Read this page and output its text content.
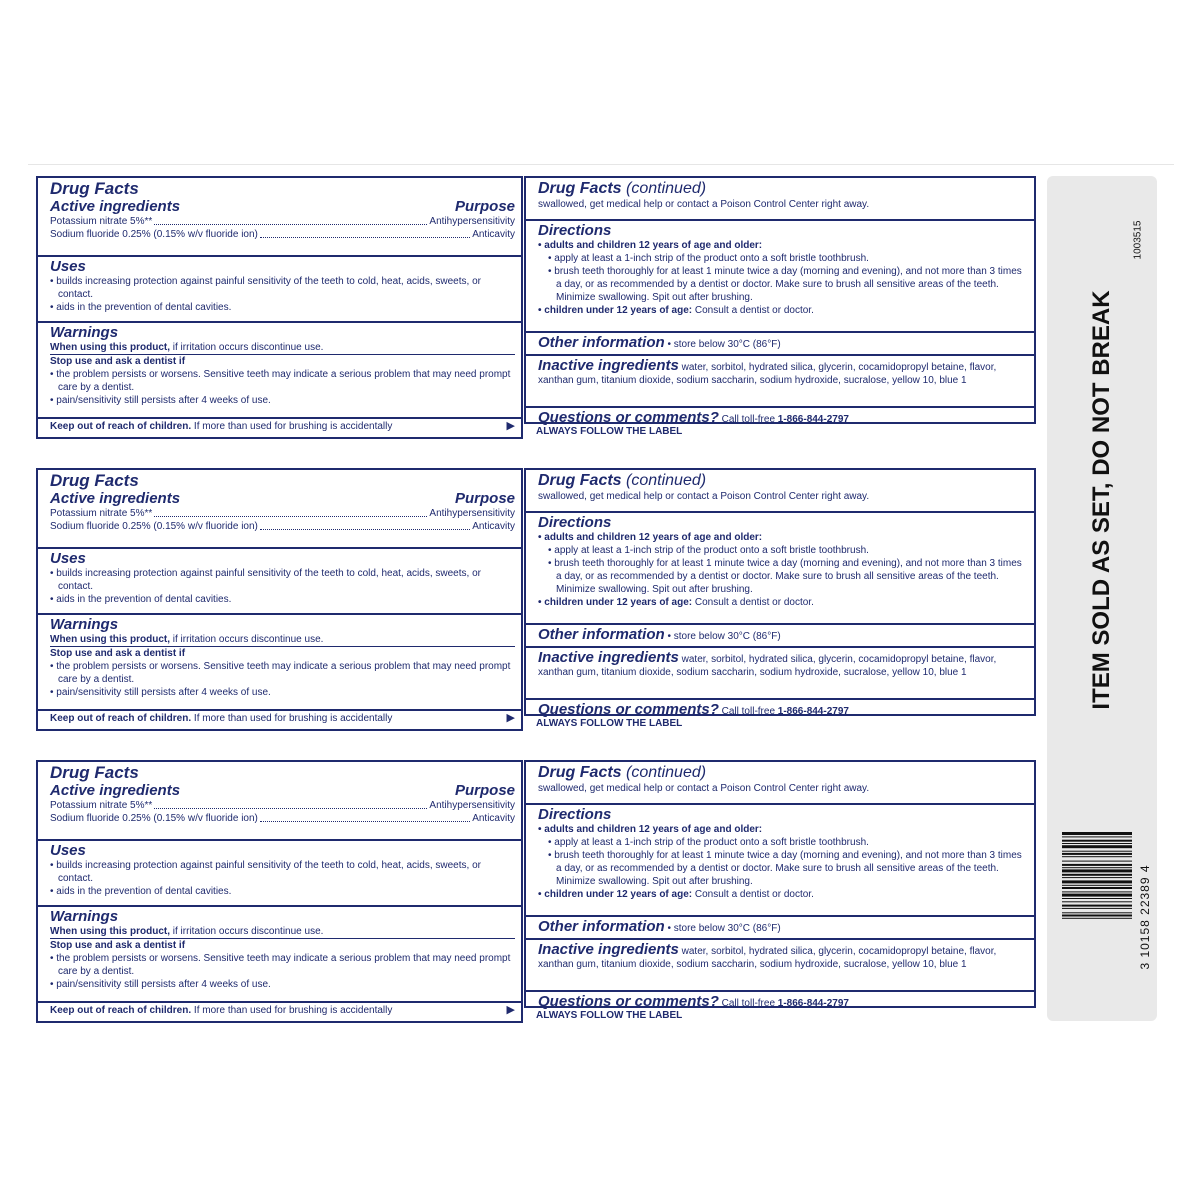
Drug Facts
Active ingredients	Purpose
Potassium nitrate 5%**	Antihypersensitivity
Sodium fluoride 0.25% (0.15% w/v fluoride ion)	Anticavity
Uses
• builds increasing protection against painful sensitivity of the teeth to cold, heat, acids, sweets, or contact.
• aids in the prevention of dental cavities.
Warnings
When using this product, if irritation occurs discontinue use.
Stop use and ask a dentist if
• the problem persists or worsens. Sensitive teeth may indicate a serious problem that may need prompt care by a dentist.
• pain/sensitivity still persists after 4 weeks of use.
Keep out of reach of children. If more than used for brushing is accidentally	▶
Drug Facts (continued)
swallowed, get medical help or contact a Poison Control Center right away.
Directions
• adults and children 12 years of age and older:
• apply at least a 1-inch strip of the product onto a soft bristle toothbrush.
• brush teeth thoroughly for at least 1 minute twice a day (morning and evening), and not more than 3 times a day, or as recommended by a dentist or doctor. Make sure to brush all sensitive areas of the teeth. Minimize swallowing. Spit out after brushing.
• children under 12 years of age: Consult a dentist or doctor.
Other information • store below 30°C (86°F)
Inactive ingredients water, sorbitol, hydrated silica, glycerin, cocamidopropyl betaine, flavor, xanthan gum, titanium dioxide, sodium saccharin, sodium hydroxide, sucralose, yellow 10, blue 1
Questions or comments? Call toll-free 1-866-844-2797
ALWAYS FOLLOW THE LABEL
Drug Facts
Active ingredients	Purpose
Potassium nitrate 5%**	Antihypersensitivity
Sodium fluoride 0.25% (0.15% w/v fluoride ion)	Anticavity
Uses
• builds increasing protection against painful sensitivity of the teeth to cold, heat, acids, sweets, or contact.
• aids in the prevention of dental cavities.
Warnings
When using this product, if irritation occurs discontinue use.
Stop use and ask a dentist if
• the problem persists or worsens. Sensitive teeth may indicate a serious problem that may need prompt care by a dentist.
• pain/sensitivity still persists after 4 weeks of use.
Keep out of reach of children. If more than used for brushing is accidentally	▶
Drug Facts (continued)
swallowed, get medical help or contact a Poison Control Center right away.
Directions
• adults and children 12 years of age and older:
• apply at least a 1-inch strip of the product onto a soft bristle toothbrush.
• brush teeth thoroughly for at least 1 minute twice a day (morning and evening), and not more than 3 times a day, or as recommended by a dentist or doctor. Make sure to brush all sensitive areas of the teeth. Minimize swallowing. Spit out after brushing.
• children under 12 years of age: Consult a dentist or doctor.
Other information • store below 30°C (86°F)
Inactive ingredients water, sorbitol, hydrated silica, glycerin, cocamidopropyl betaine, flavor, xanthan gum, titanium dioxide, sodium saccharin, sodium hydroxide, sucralose, yellow 10, blue 1
Questions or comments? Call toll-free 1-866-844-2797
ALWAYS FOLLOW THE LABEL
Drug Facts
Active ingredients	Purpose
Potassium nitrate 5%**	Antihypersensitivity
Sodium fluoride 0.25% (0.15% w/v fluoride ion)	Anticavity
Uses
• builds increasing protection against painful sensitivity of the teeth to cold, heat, acids, sweets, or contact.
• aids in the prevention of dental cavities.
Warnings
When using this product, if irritation occurs discontinue use.
Stop use and ask a dentist if
• the problem persists or worsens. Sensitive teeth may indicate a serious problem that may need prompt care by a dentist.
• pain/sensitivity still persists after 4 weeks of use.
Keep out of reach of children. If more than used for brushing is accidentally	▶
Drug Facts (continued)
swallowed, get medical help or contact a Poison Control Center right away.
Directions
• adults and children 12 years of age and older:
• apply at least a 1-inch strip of the product onto a soft bristle toothbrush.
• brush teeth thoroughly for at least 1 minute twice a day (morning and evening), and not more than 3 times a day, or as recommended by a dentist or doctor. Make sure to brush all sensitive areas of the teeth. Minimize swallowing. Spit out after brushing.
• children under 12 years of age: Consult a dentist or doctor.
Other information • store below 30°C (86°F)
Inactive ingredients water, sorbitol, hydrated silica, glycerin, cocamidopropyl betaine, flavor, xanthan gum, titanium dioxide, sodium saccharin, sodium hydroxide, sucralose, yellow 10, blue 1
Questions or comments? Call toll-free 1-866-844-2797
ALWAYS FOLLOW THE LABEL
ITEM SOLD AS SET, DO NOT BREAK
1003515
3 10158 22389 4
